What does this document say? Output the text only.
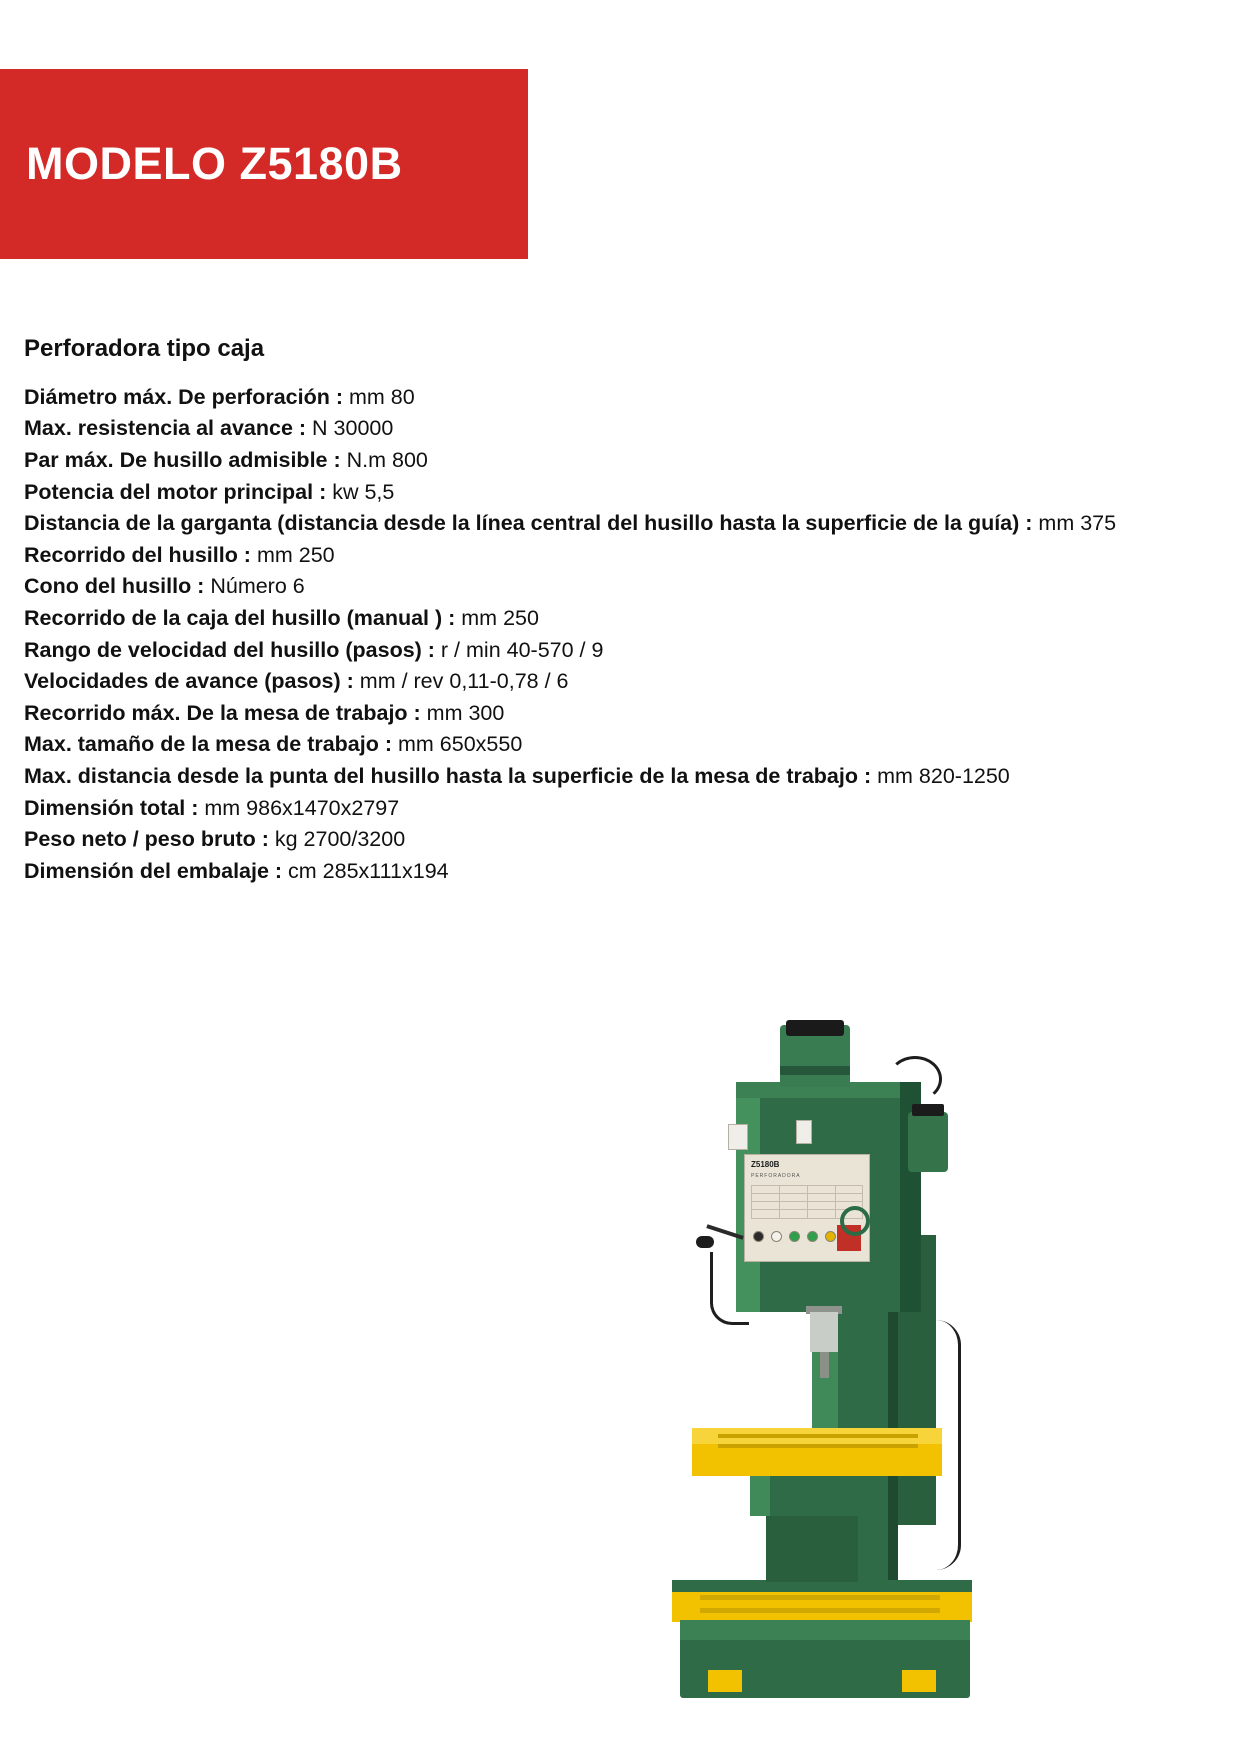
MODELO Z5180B
Perforadora tipo caja
Diámetro máx. De perforación : mm 80
Max. resistencia al avance : N 30000
Par máx. De husillo admisible : N.m 800
Potencia del motor principal : kw 5,5
Distancia de la garganta (distancia desde la línea central del husillo hasta la superficie de la guía) : mm 375
Recorrido del husillo : mm 250
Cono del husillo : Número 6
Recorrido de la caja del husillo (manual ) : mm 250
Rango de velocidad del husillo (pasos) : r / min 40-570 / 9
Velocidades de avance (pasos) : mm / rev 0,11-0,78 / 6
Recorrido máx. De la mesa de trabajo : mm 300
Max. tamaño de la mesa de trabajo : mm 650x550
Max. distancia desde la punta del husillo hasta la superficie de la mesa de trabajo : mm 820-1250
Dimensión total : mm 986x1470x2797
Peso neto / peso bruto : kg 2700/3200
Dimensión del embalaje : cm 285x111x194
Z5180B
PERFORADORA
